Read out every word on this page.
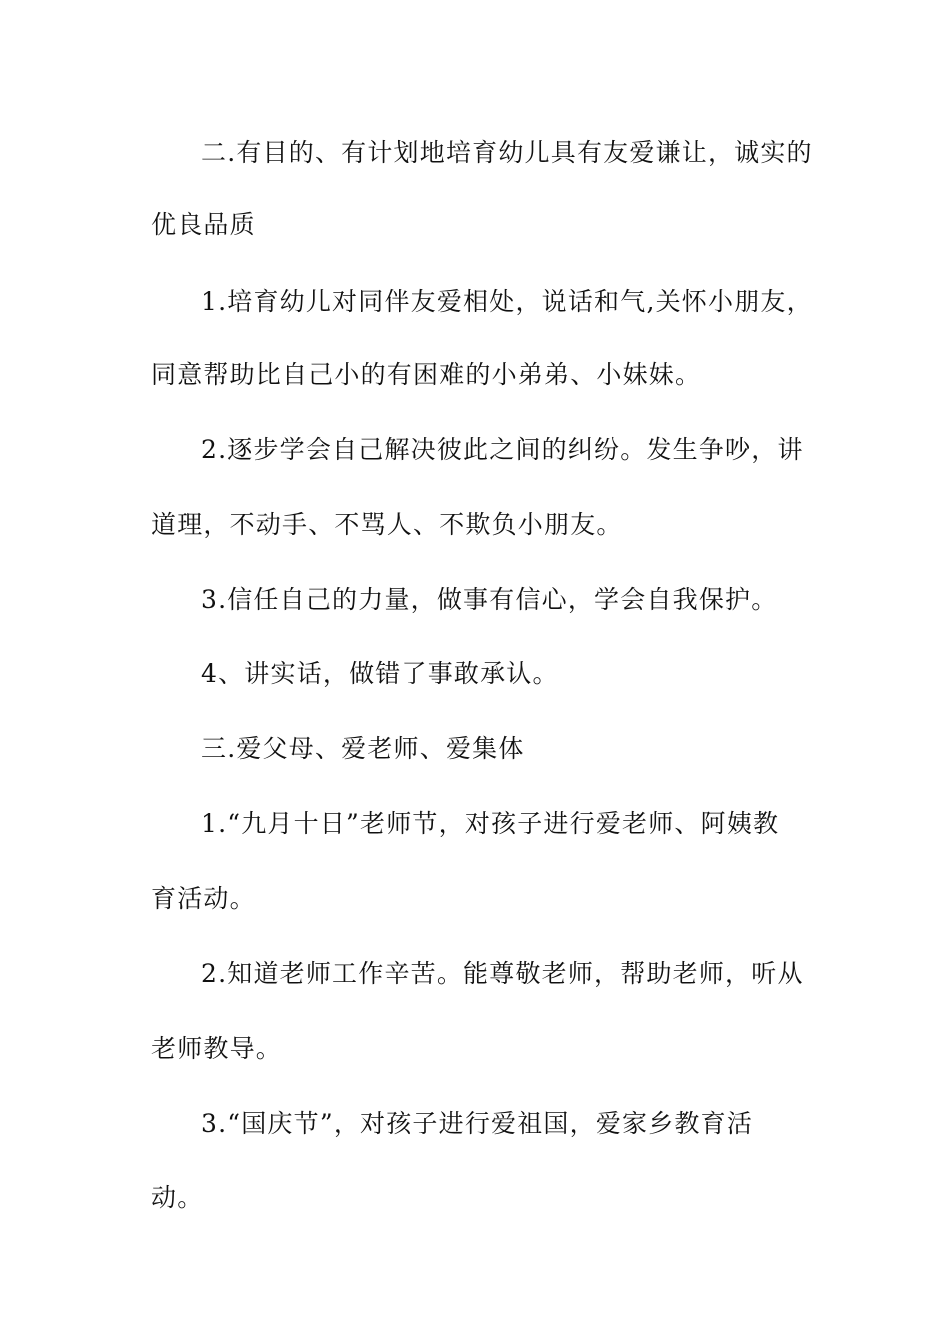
二.有目的、有计划地培育幼儿具有友爱谦让，诚实的
优良品质
1.培育幼儿对同伴友爱相处，说话和气,关怀小朋友，
同意帮助比自己小的有困难的小弟弟、小妹妹。
2.逐步学会自己解决彼此之间的纠纷。发生争吵，讲
道理，不动手、不骂人、不欺负小朋友。
3.信任自己的力量，做事有信心，学会自我保护。
4、讲实话，做错了事敢承认。
三.爱父母、爱老师、爱集体
1.“九月十日”老师节，对孩子进行爱老师、阿姨教
育活动。
2.知道老师工作辛苦。能尊敬老师，帮助老师，听从
老师教导。
3.“国庆节”，对孩子进行爱祖国，爱家乡教育活
动。
